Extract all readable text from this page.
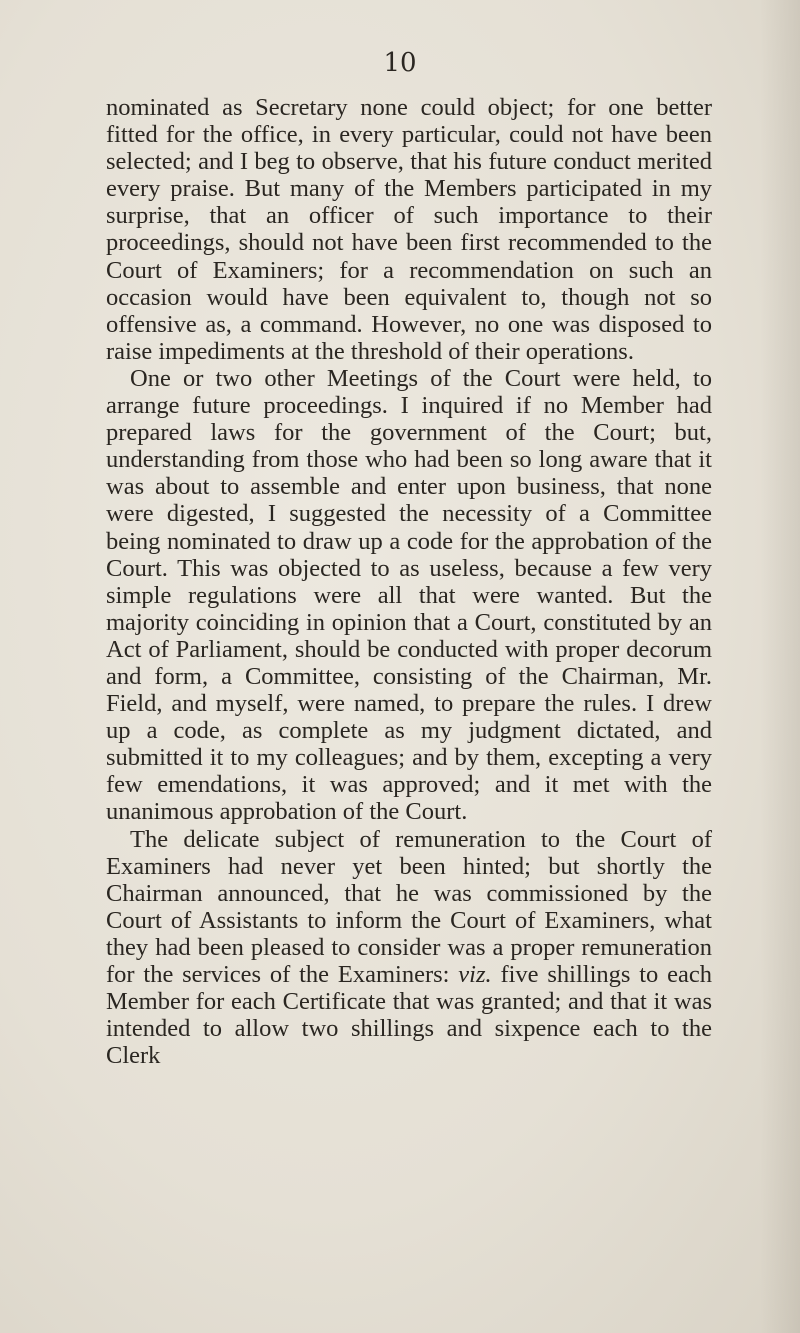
10

nominated as Secretary none could object; for one better fitted for the office, in every particular, could not have been selected; and I beg to observe, that his future conduct merited every praise. But many of the Members participated in my surprise, that an officer of such importance to their proceedings, should not have been first recommended to the Court of Examiners; for a recommendation on such an occasion would have been equivalent to, though not so offensive as, a command. However, no one was disposed to raise impediments at the threshold of their operations.

One or two other Meetings of the Court were held, to arrange future proceedings. I inquired if no Member had prepared laws for the government of the Court; but, understanding from those who had been so long aware that it was about to assemble and enter upon business, that none were digested, I suggested the necessity of a Committee being nominated to draw up a code for the approbation of the Court. This was objected to as useless, because a few very simple regulations were all that were wanted. But the majority coinciding in opinion that a Court, constituted by an Act of Parliament, should be conducted with proper decorum and form, a Committee, consisting of the Chairman, Mr. Field, and myself, were named, to prepare the rules. I drew up a code, as complete as my judgment dictated, and submitted it to my colleagues; and by them, excepting a very few emendations, it was approved; and it met with the unanimous approbation of the Court.

The delicate subject of remuneration to the Court of Examiners had never yet been hinted; but shortly the Chairman announced, that he was commissioned by the Court of Assistants to inform the Court of Examiners, what they had been pleased to consider was a proper remuneration for the services of the Examiners: viz. five shillings to each Member for each Certificate that was granted; and that it was intended to allow two shillings and sixpence each to the Clerk
